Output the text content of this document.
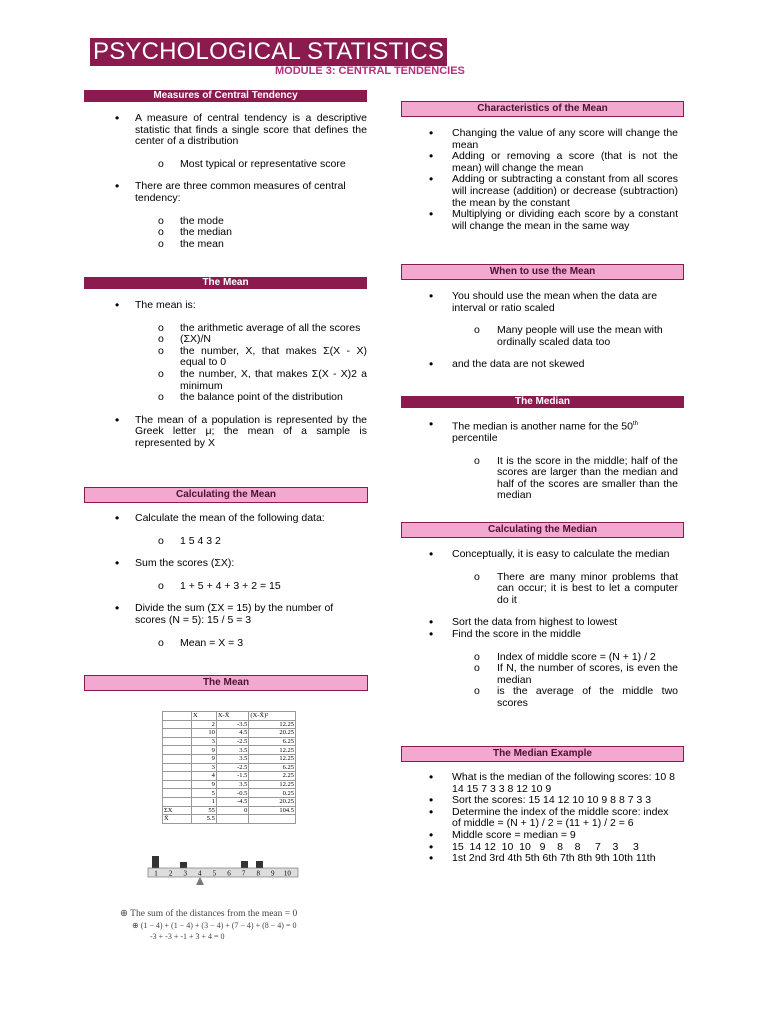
PSYCHOLOGICAL STATISTICS
MODULE 3: CENTRAL TENDENCIES
Measures of Central Tendency
• A measure of central tendency is a descriptive statistic that finds a single score that defines the center of a distribution
o Most typical or representative score
• There are three common measures of central tendency:
o the mode
o the median
o the mean
The Mean
• The mean is:
o the arithmetic average of all the scores
o (ΣX)/N
o the number, X, that makes Σ(X - X) equal to 0
o the number, X, that makes Σ(X - X)2 a minimum
o the balance point of the distribution
• The mean of a population is represented by the Greek letter μ; the mean of a sample is represented by X
Calculating the Mean
• Calculate the mean of the following data:
o 1 5 4 3 2
• Sum the scores (ΣX):
o 1 + 5 + 4 + 3 + 2 = 15
• Divide the sum (ΣX = 15) by the number of scores (N = 5): 15 / 5 = 3
o Mean = X = 3
The Mean
	X	X-X̄	(X-X̄)²
	2	-3.5	12.25
	10	4.5	20.25
	3	-2.5	6.25
	9	3.5	12.25
	9	3.5	12.25
	3	-2.5	6.25
	4	-1.5	2.25
	9	3.5	12.25
	5	-0.5	0.25
	1	-4.5	20.25
ΣX	55	0	104.5
X̄	5.5		
1 2 3 4 5 6 7 8 9 10
⊕ The sum of the distances from the mean = 0
⊕ (1 − 4) + (1 − 4) + (3 − 4) + (7 − 4) + (8 − 4) = 0
-3 + -3 + -1 + 3 + 4 = 0
Characteristics of the Mean
• Changing the value of any score will change the mean
• Adding or removing a score (that is not the mean) will change the mean
• Adding or subtracting a constant from all scores will increase (addition) or decrease (subtraction) the mean by the constant
• Multiplying or dividing each score by a constant will change the mean in the same way
When to use the Mean
• You should use the mean when the data are interval or ratio scaled
o Many people will use the mean with ordinally scaled data too
• and the data are not skewed
The Median
• The median is another name for the 50th percentile
o It is the score in the middle; half of the scores are larger than the median and half of the scores are smaller than the median
Calculating the Median
• Conceptually, it is easy to calculate the median
o There are many minor problems that can occur; it is best to let a computer do it
• Sort the data from highest to lowest
• Find the score in the middle
o Index of middle score = (N + 1) / 2
o If N, the number of scores, is even the median
o is the average of the middle two scores
The Median Example
• What is the median of the following scores: 10 8 14 15 7 3 3 8 12 10 9
• Sort the scores: 15 14 12 10 10 9 8 8 7 3 3
• Determine the index of the middle score: index of middle = (N + 1) / 2 = (11 + 1) / 2 = 6
• Middle score = median = 9
• 15  14 12  10  10   9    8    8     7    3     3
• 1st 2nd 3rd 4th 5th 6th 7th 8th 9th 10th 11th
